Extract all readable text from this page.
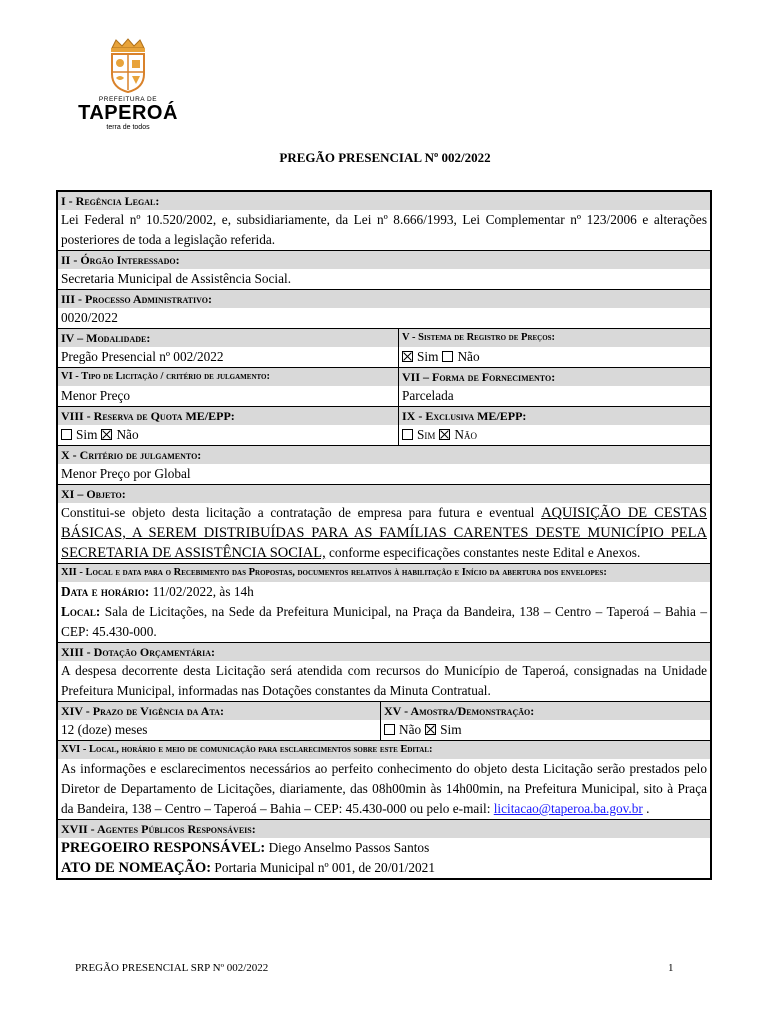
PREFEITURA DE
TAPEROÁ
terra de todos
PREGÃO PRESENCIAL Nº 002/2022
I - Regência Legal:
Lei Federal nº 10.520/2002, e, subsidiariamente, da Lei nº 8.666/1993, Lei Complementar nº 123/2006 e alterações posteriores de toda a legislação referida.
II - Órgão Interessado:
Secretaria Municipal de Assistência Social.
III - Processo Administrativo:
0020/2022
IV – Modalidade:
Pregão Presencial nº 002/2022
V - Sistema de Registro de Preços:
Sim Não
VI - Tipo de Licitação / critério de julgamento:
Menor Preço
VII – Forma de Fornecimento:
Parcelada
VIII - Reserva de Quota ME/EPP:
Sim Não
IX - Exclusiva ME/EPP:
Sim Não
X - Critério de julgamento:
Menor Preço por Global
XI – Objeto:
Constitui-se objeto desta licitação a contratação de empresa para futura e eventual AQUISIÇÃO DE CESTAS BÁSICAS, A SEREM DISTRIBUÍDAS PARA AS FAMÍLIAS CARENTES DESTE MUNICÍPIO PELA SECRETARIA DE ASSISTÊNCIA SOCIAL, conforme especificações constantes neste Edital e Anexos.
XII - Local e data para o Recebimento das Propostas, documentos relativos à habilitação e Início da abertura dos envelopes:
Data e horário: 11/02/2022, às 14h
Local: Sala de Licitações, na Sede da Prefeitura Municipal, na Praça da Bandeira, 138 – Centro – Taperoá – Bahia – CEP: 45.430-000.
XIII - Dotação Orçamentária:
A despesa decorrente desta Licitação será atendida com recursos do Município de Taperoá, consignadas na Unidade Prefeitura Municipal, informadas nas Dotações constantes da Minuta Contratual.
XIV - Prazo de Vigência da Ata:
12 (doze) meses
XV - Amostra/Demonstração:
Não Sim
XVI - Local, horário e meio de comunicação para esclarecimentos sobre este Edital:
As informações e esclarecimentos necessários ao perfeito conhecimento do objeto desta Licitação serão prestados pelo Diretor de Departamento de Licitações, diariamente, das 08h00min às 14h00min, na Prefeitura Municipal, sito à Praça da Bandeira, 138 – Centro – Taperoá – Bahia – CEP: 45.430-000 ou pelo e-mail: licitacao@taperoa.ba.gov.br .
XVII - Agentes Públicos Responsáveis:
PREGOEIRO RESPONSÁVEL: Diego Anselmo Passos Santos
ATO DE NOMEAÇÃO: Portaria Municipal nº 001, de 20/01/2021
PREGÃO PRESENCIAL SRP Nº 002/2022	1
